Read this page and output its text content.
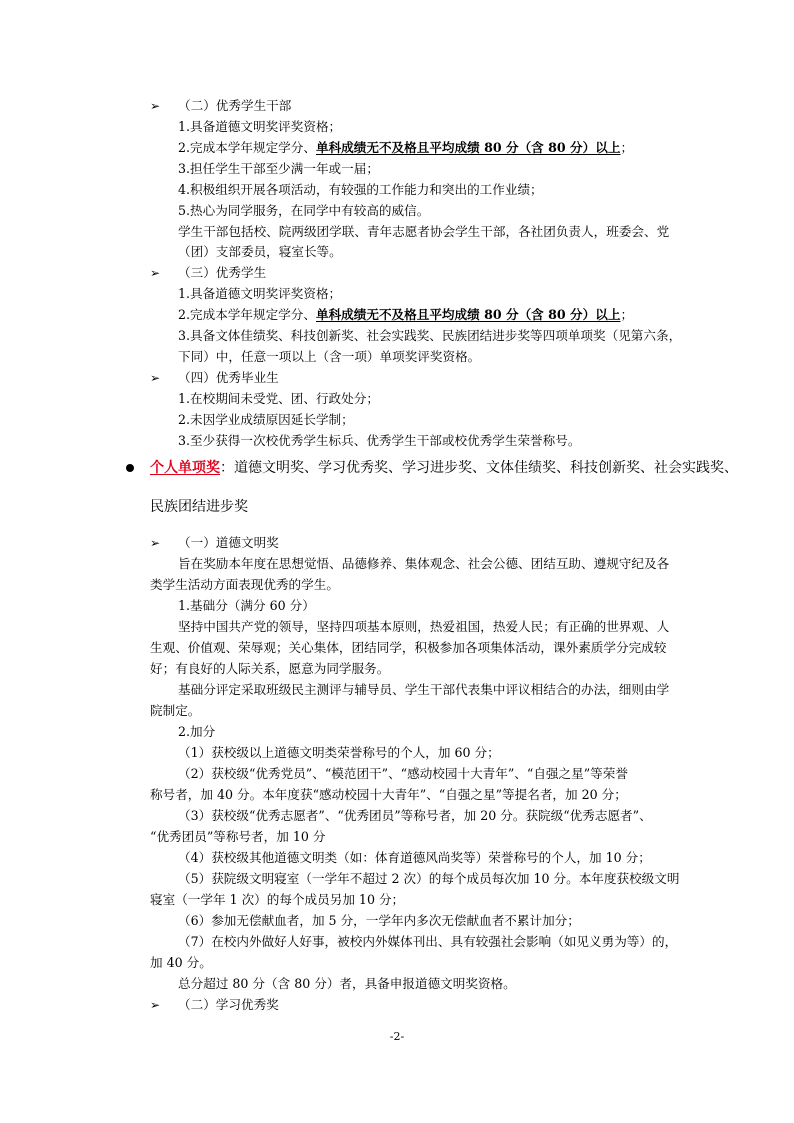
➢ （二）优秀学生干部
1.具备道德文明奖评奖资格；
2.完成本学年规定学分、单科成绩无不及格且平均成绩 80 分（含 80 分）以上；
3.担任学生干部至少满一年或一届；
4.积极组织开展各项活动，有较强的工作能力和突出的工作业绩；
5.热心为同学服务，在同学中有较高的威信。
学生干部包括校、院两级团学联、青年志愿者协会学生干部，各社团负责人，班委会、党
（团）支部委员，寝室长等。
➢ （三）优秀学生
1.具备道德文明奖评奖资格；
2.完成本学年规定学分、单科成绩无不及格且平均成绩 80 分（含 80 分）以上；
3.具备文体佳绩奖、科技创新奖、社会实践奖、民族团结进步奖等四项单项奖（见第六条，
下同）中，任意一项以上（含一项）单项奖评奖资格。
➢ （四）优秀毕业生
1.在校期间未受党、团、行政处分；
2.未因学业成绩原因延长学制；
3.至少获得一次校优秀学生标兵、优秀学生干部或校优秀学生荣誉称号。
个人单项奖：道德文明奖、学习优秀奖、学习进步奖、文体佳绩奖、科技创新奖、社会实践奖、
民族团结进步奖
➢ （一）道德文明奖
旨在奖励本年度在思想觉悟、品德修养、集体观念、社会公德、团结互助、遵规守纪及各
类学生活动方面表现优秀的学生。
1.基础分（满分 60 分）
坚持中国共产党的领导，坚持四项基本原则，热爱祖国，热爱人民；有正确的世界观、人
生观、价值观、荣辱观；关心集体，团结同学，积极参加各项集体活动，课外素质学分完成较
好；有良好的人际关系，愿意为同学服务。
基础分评定采取班级民主测评与辅导员、学生干部代表集中评议相结合的办法，细则由学
院制定。
2.加分
（1）获校级以上道德文明类荣誉称号的个人，加 60 分；
（2）获校级“优秀党员”、“模范团干”、“感动校园十大青年”、“自强之星”等荣誉
称号者，加 40 分。本年度获“感动校园十大青年”、“自强之星”等提名者，加 20 分；
（3）获校级“优秀志愿者”、“优秀团员”等称号者，加 20 分。获院级“优秀志愿者”、
“优秀团员”等称号者，加 10 分
（4）获校级其他道德文明类（如：体育道德风尚奖等）荣誉称号的个人，加 10 分；
（5）获院级文明寝室（一学年不超过 2 次）的每个成员每次加 10 分。本年度获校级文明
寝室（一学年 1 次）的每个成员另加 10 分；
（6）参加无偿献血者，加 5 分，一学年内多次无偿献血者不累计加分；
（7）在校内外做好人好事，被校内外媒体刊出、具有较强社会影响（如见义勇为等）的，
加 40 分。
总分超过 80 分（含 80 分）者，具备申报道德文明奖资格。
➢ （二）学习优秀奖
-2-
